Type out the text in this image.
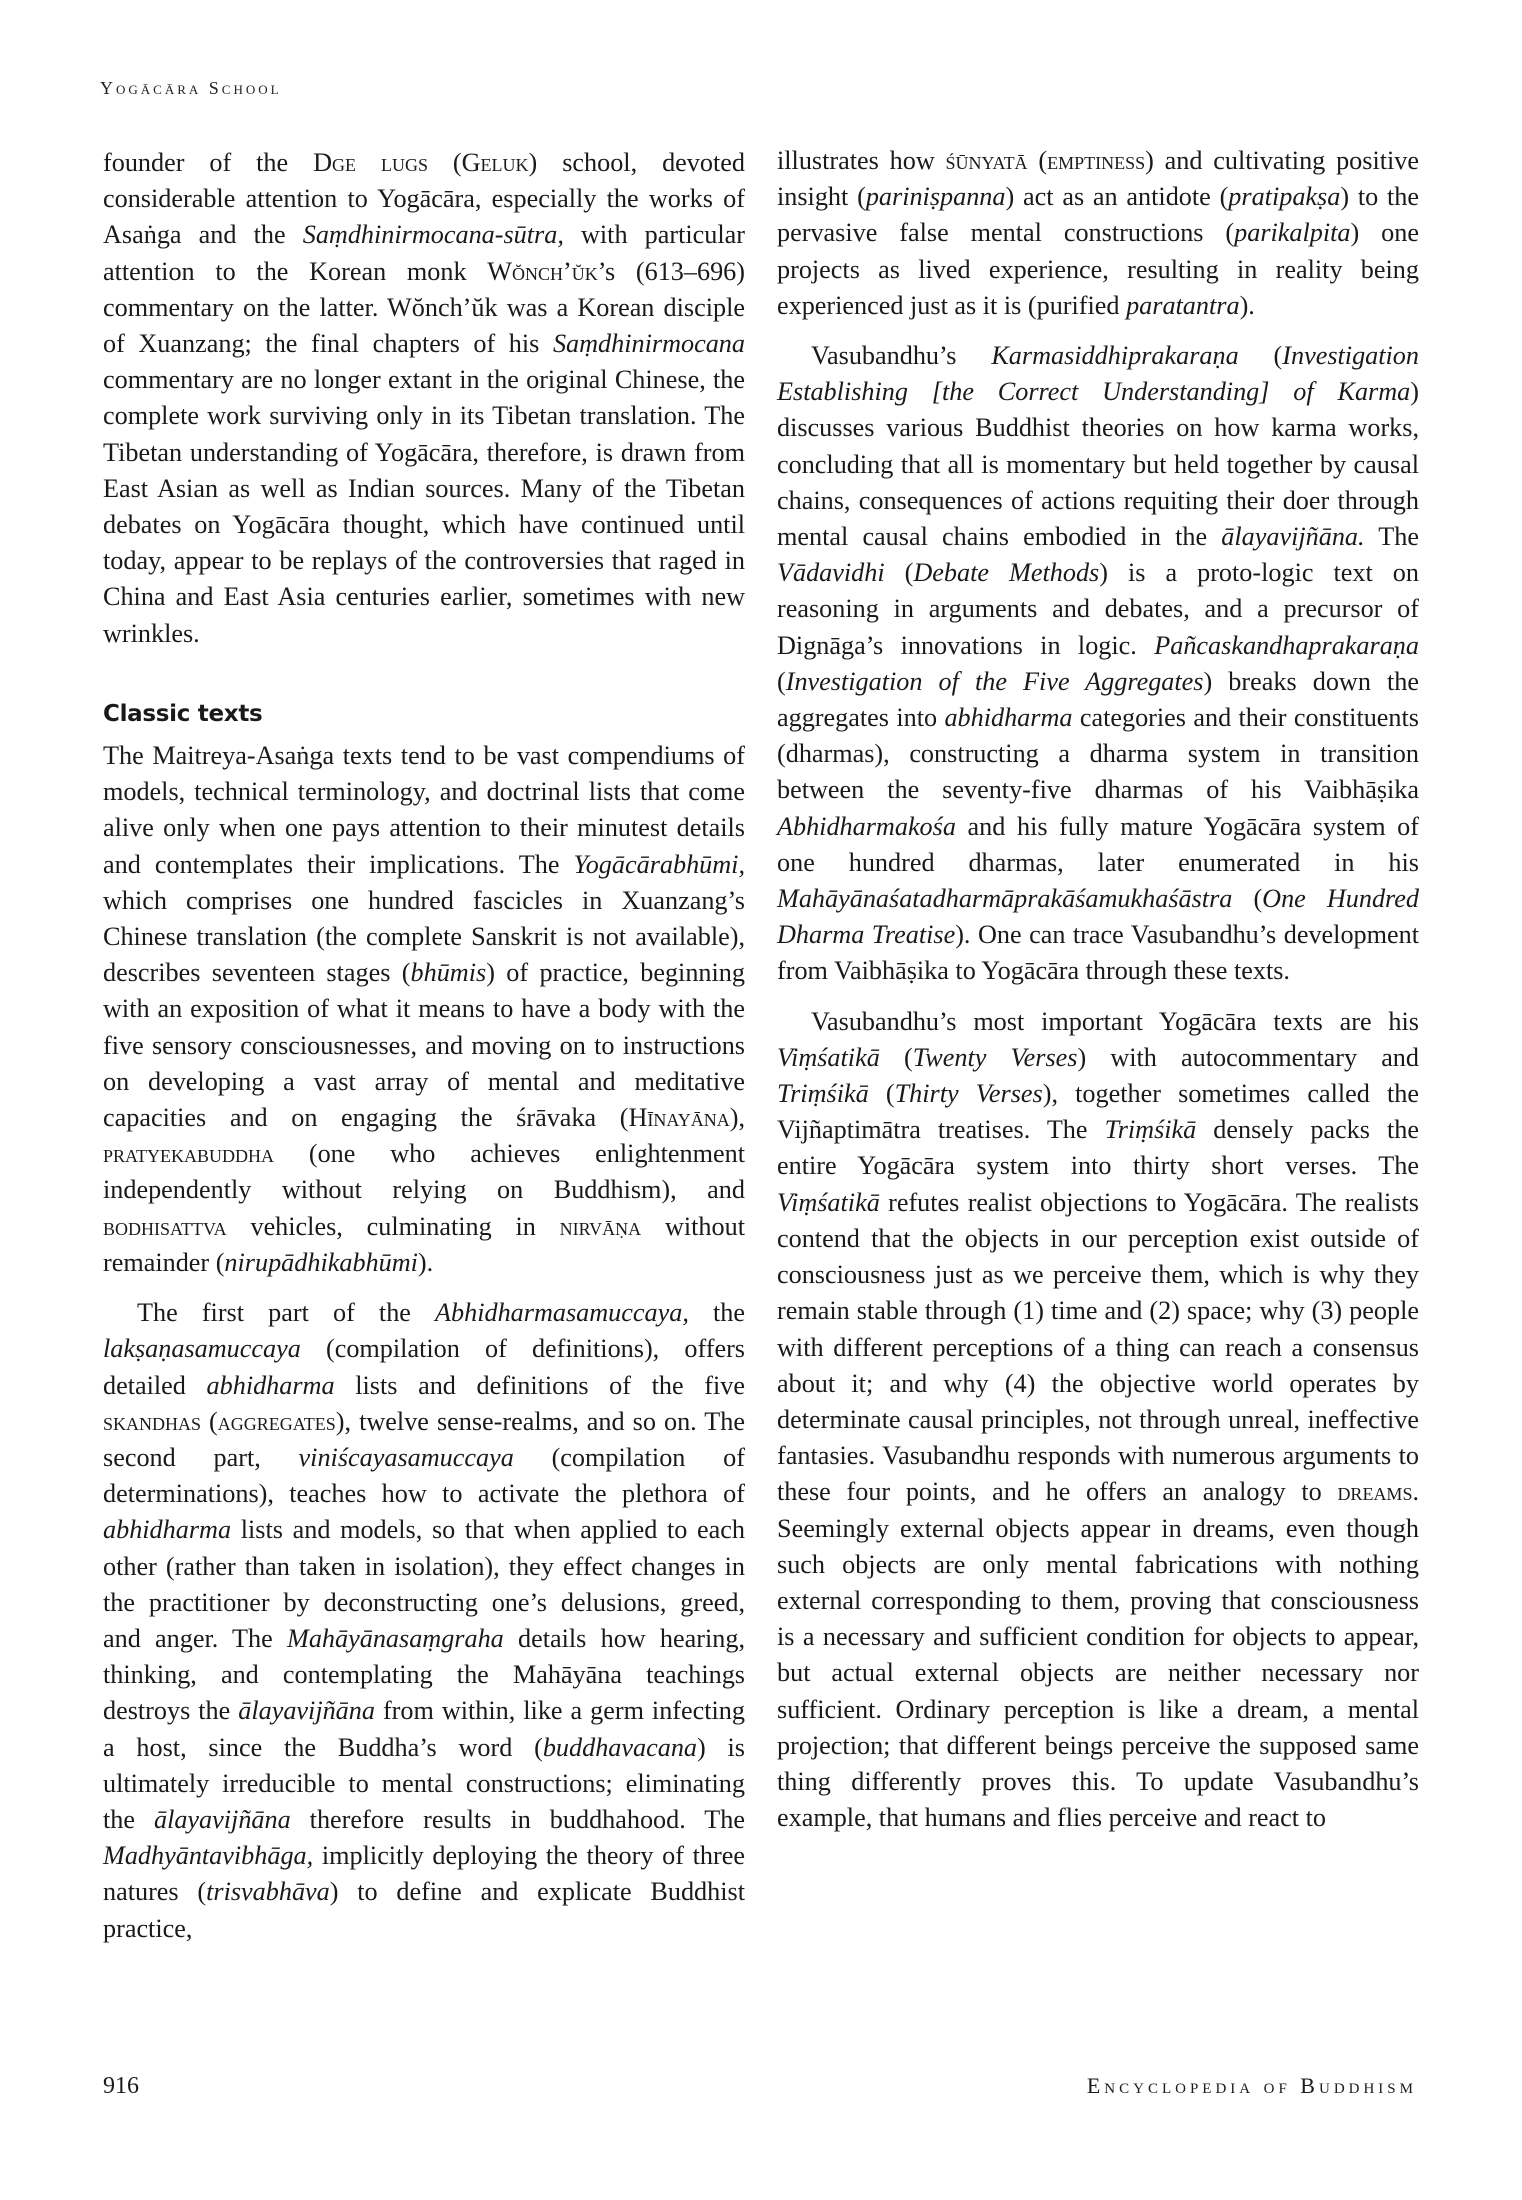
Yogācāra School

founder of the Dge lugs (Geluk) school, devoted considerable attention to Yogācāra, especially the works of Asaṅga and the Saṃdhinirmocana-sūtra, with particular attention to the Korean monk Wŏnch’ŭk’s (613–696) commentary on the latter. Wŏnch’ŭk was a Korean disciple of Xuanzang; the final chapters of his Saṃdhinirmocana commentary are no longer extant in the original Chinese, the complete work surviving only in its Tibetan translation. The Tibetan understanding of Yogācāra, therefore, is drawn from East Asian as well as Indian sources. Many of the Tibetan debates on Yogācāra thought, which have continued until today, appear to be replays of the controversies that raged in China and East Asia centuries earlier, sometimes with new wrinkles.

Classic texts

The Maitreya-Asaṅga texts tend to be vast compendiums of models, technical terminology, and doctrinal lists that come alive only when one pays attention to their minutest details and contemplates their implications. The Yogācārabhūmi, which comprises one hundred fascicles in Xuanzang’s Chinese translation (the complete Sanskrit is not available), describes seventeen stages (bhūmis) of practice, beginning with an exposition of what it means to have a body with the five sensory consciousnesses, and moving on to instructions on developing a vast array of mental and meditative capacities and on engaging the śrāvaka (Hīnayāna), pratyekabuddha (one who achieves enlightenment independently without relying on Buddhism), and bodhisattva vehicles, culminating in nirvāṇa without remainder (nirupādhikabhūmi).

The first part of the Abhidharmasamuccaya, the lakṣaṇasamuccaya (compilation of definitions), offers detailed abhidharma lists and definitions of the five skandhas (aggregates), twelve sense-realms, and so on. The second part, viniścayasamuccaya (compilation of determinations), teaches how to activate the plethora of abhidharma lists and models, so that when applied to each other (rather than taken in isolation), they effect changes in the practitioner by deconstructing one’s delusions, greed, and anger. The Mahāyānasaṃgraha details how hearing, thinking, and contemplating the Mahāyāna teachings destroys the ālayavijñāna from within, like a germ infecting a host, since the Buddha’s word (buddhavacana) is ultimately irreducible to mental constructions; eliminating the ālayavijñāna therefore results in buddhahood. The Madhyāntavibhāga, implicitly deploying the theory of three natures (trisvabhāva) to define and explicate Buddhist practice,

illustrates how śūnyatā (emptiness) and cultivating positive insight (pariniṣpanna) act as an antidote (pratipakṣa) to the pervasive false mental constructions (parikalpita) one projects as lived experience, resulting in reality being experienced just as it is (purified paratantra).

Vasubandhu’s Karmasiddhiprakaraṇa (Investigation Establishing [the Correct Understanding] of Karma) discusses various Buddhist theories on how karma works, concluding that all is momentary but held together by causal chains, consequences of actions requiting their doer through mental causal chains embodied in the ālayavijñāna. The Vādavidhi (Debate Methods) is a proto-logic text on reasoning in arguments and debates, and a precursor of Dignāga’s innovations in logic. Pañcaskandhaprakaraṇa (Investigation of the Five Aggregates) breaks down the aggregates into abhidharma categories and their constituents (dharmas), constructing a dharma system in transition between the seventy-five dharmas of his Vaibhāṣika Abhidharmakośa and his fully mature Yogācāra system of one hundred dharmas, later enumerated in his Mahāyānaśatadharmāprakāśamukhaśāstra (One Hundred Dharma Treatise). One can trace Vasubandhu’s development from Vaibhāṣika to Yogācāra through these texts.

Vasubandhu’s most important Yogācāra texts are his Viṃśatikā (Twenty Verses) with autocommentary and Triṃśikā (Thirty Verses), together sometimes called the Vijñaptimātra treatises. The Triṃśikā densely packs the entire Yogācāra system into thirty short verses. The Viṃśatikā refutes realist objections to Yogācāra. The realists contend that the objects in our perception exist outside of consciousness just as we perceive them, which is why they remain stable through (1) time and (2) space; why (3) people with different perceptions of a thing can reach a consensus about it; and why (4) the objective world operates by determinate causal principles, not through unreal, ineffective fantasies. Vasubandhu responds with numerous arguments to these four points, and he offers an analogy to dreams. Seemingly external objects appear in dreams, even though such objects are only mental fabrications with nothing external corresponding to them, proving that consciousness is a necessary and sufficient condition for objects to appear, but actual external objects are neither necessary nor sufficient. Ordinary perception is like a dream, a mental projection; that different beings perceive the supposed same thing differently proves this. To update Vasubandhu’s example, that humans and flies perceive and react to

916	Encyclopedia of Buddhism
